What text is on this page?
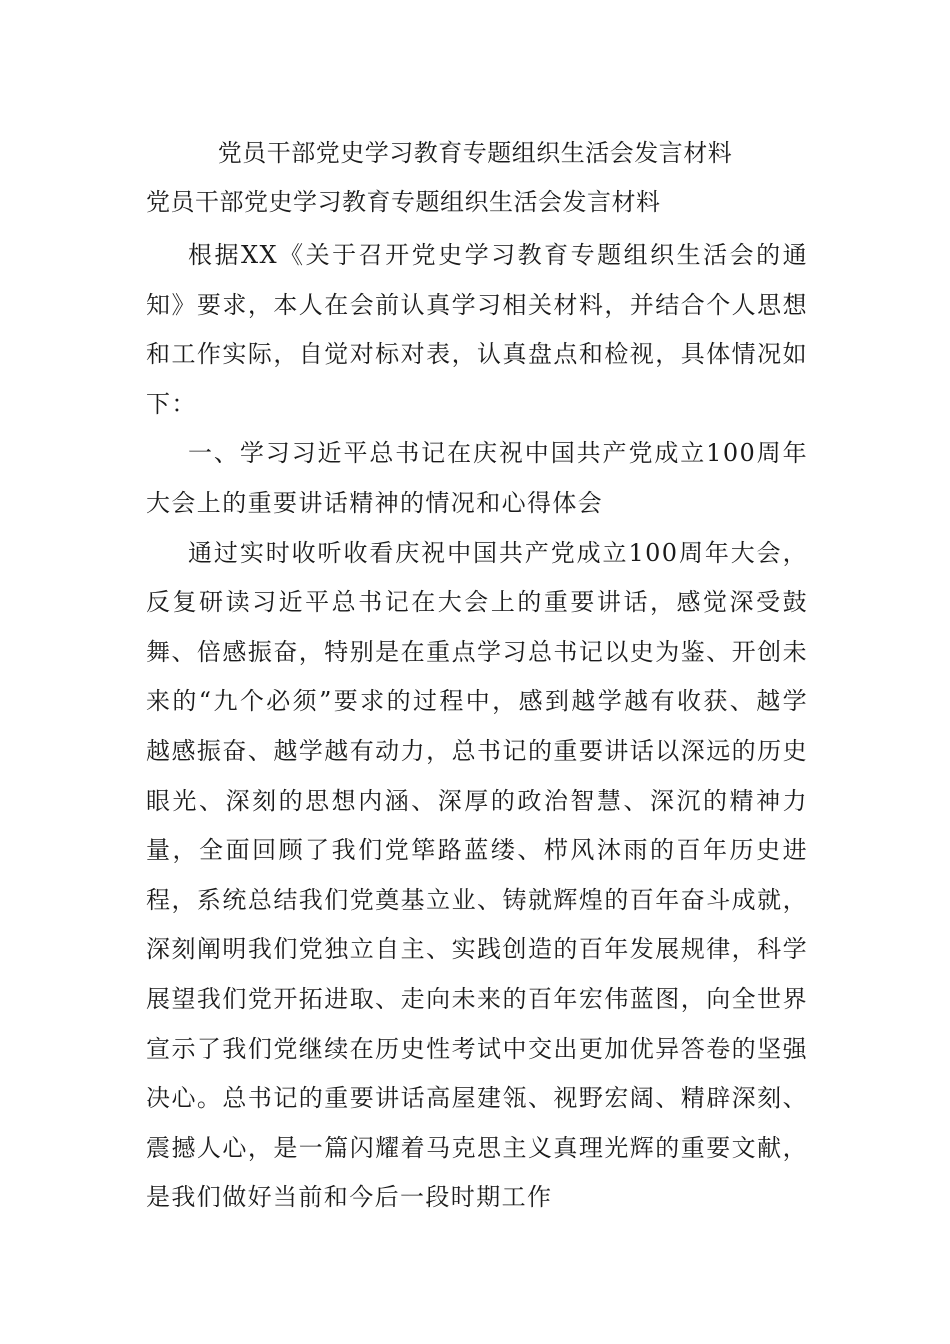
党员干部党史学习教育专题组织生活会发言材料
党员干部党史学习教育专题组织生活会发言材料

根据XX《关于召开党史学习教育专题组织生活会的通知》要求，本人在会前认真学习相关材料，并结合个人思想和工作实际，自觉对标对表，认真盘点和检视，具体情况如下：

一、学习习近平总书记在庆祝中国共产党成立100周年大会上的重要讲话精神的情况和心得体会

通过实时收听收看庆祝中国共产党成立100周年大会，反复研读习近平总书记在大会上的重要讲话，感觉深受鼓舞、倍感振奋，特别是在重点学习总书记以史为鉴、开创未来的“九个必须”要求的过程中，感到越学越有收获、越学越感振奋、越学越有动力，总书记的重要讲话以深远的历史眼光、深刻的思想内涵、深厚的政治智慧、深沉的精神力量，全面回顾了我们党筚路蓝缕、栉风沐雨的百年历史进程，系统总结我们党奠基立业、铸就辉煌的百年奋斗成就，深刻阐明我们党独立自主、实践创造的百年发展规律，科学展望我们党开拓进取、走向未来的百年宏伟蓝图，向全世界宣示了我们党继续在历史性考试中交出更加优异答卷的坚强决心。总书记的重要讲话高屋建瓴、视野宏阔、精辟深刻、震撼人心，是一篇闪耀着马克思主义真理光辉的重要文献，是我们做好当前和今后一段时期工作
